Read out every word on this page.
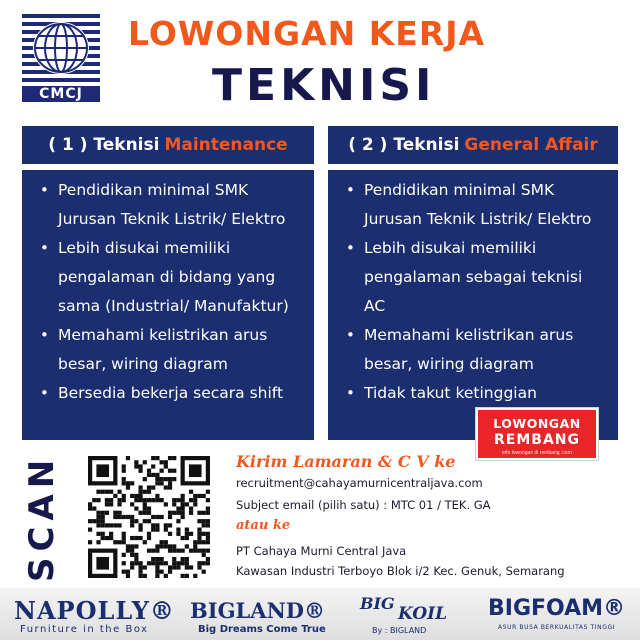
CMCJ
LOWONGAN KERJA
TEKNISI
( 1 ) Teknisi Maintenance
• Pendidikan minimal SMK
Jurusan Teknik Listrik/ Elektro
• Lebih disukai memiliki
pengalaman di bidang yang
sama (Industrial/ Manufaktur)
• Memahami kelistrikan arus
besar, wiring diagram
• Bersedia bekerja secara shift
( 2 ) Teknisi General Affair
• Pendidikan minimal SMK
Jurusan Teknik Listrik/ Elektro
• Lebih disukai memiliki
pengalaman sebagai teknisi
AC
• Memahami kelistrikan arus
besar, wiring diagram
• Tidak takut ketinggian
LOWONGAN
REMBANG
info lowongan di rembang .com
SCAN	Kirim Lamaran & C V ke
recruitment@cahayamurnicentraljava.com
Subject email (pilih satu) : MTC 01 / TEK. GA
atau ke
PT Cahaya Murni Central Java
Kawasan Industri Terboyo Blok i/2 Kec. Genuk, Semarang
NAPOLLY®
Furniture in the Box
BIGLAND®
Big Dreams Come True
BIG
KOIL
By : BIGLAND
BIGFOAM®
ASUR BUSA BERKUALITAS TINGGI
